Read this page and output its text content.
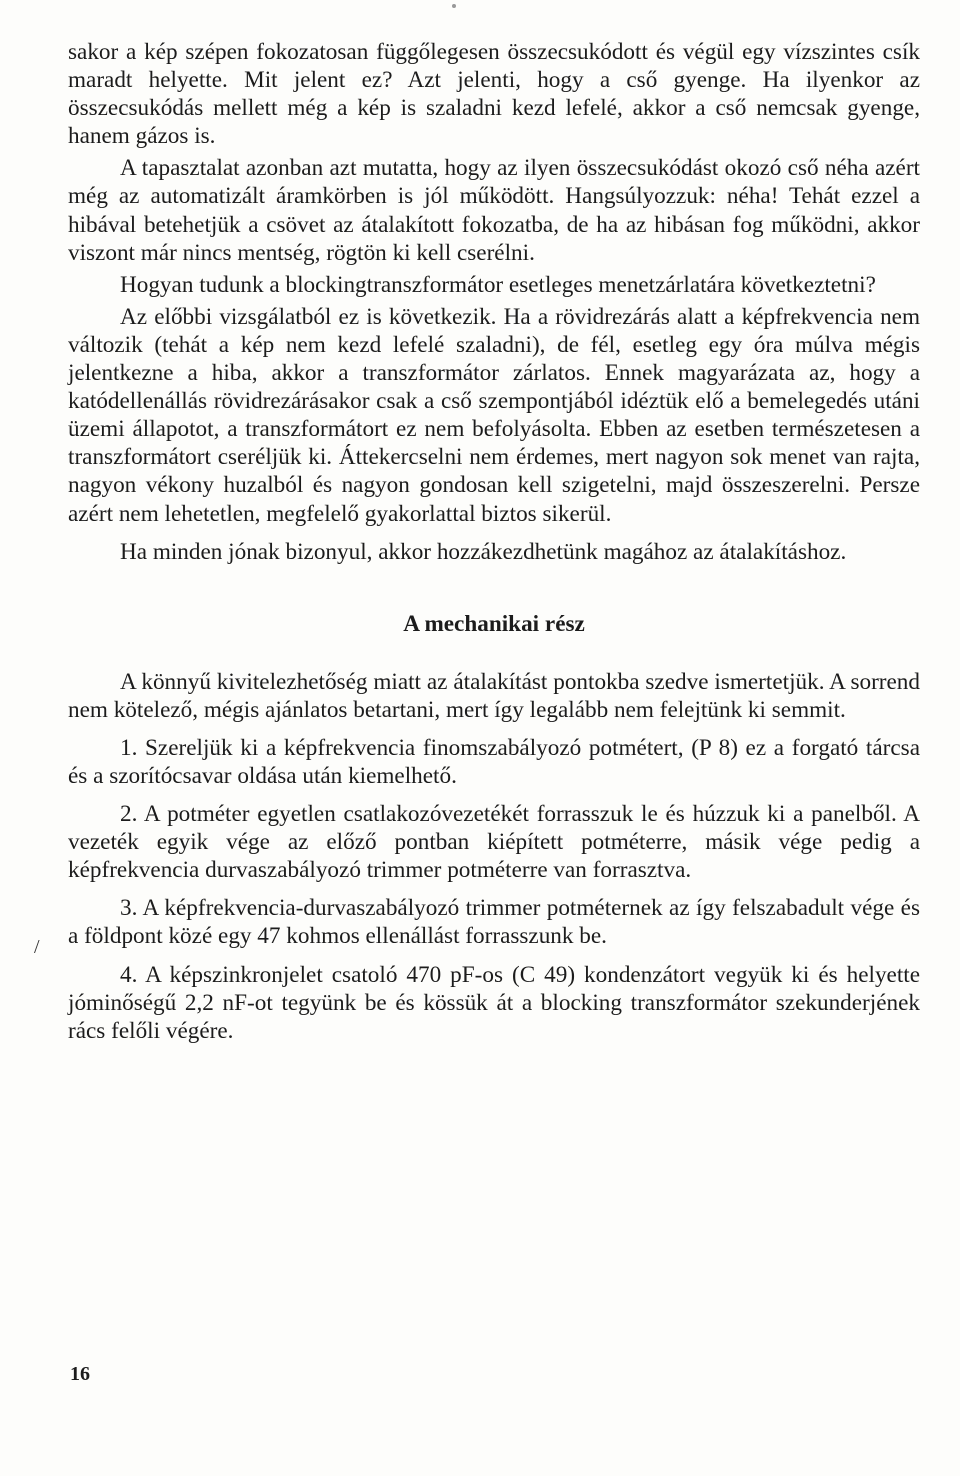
sakor a kép szépen fokozatosan függőlegesen összecsukódott és végül egy vízszintes csík maradt helyette. Mit jelent ez? Azt jelenti, hogy a cső gyenge. Ha ilyenkor az összecsukódás mellett még a kép is szaladni kezd lefelé, akkor a cső nemcsak gyenge, hanem gázos is.

A tapasztalat azonban azt mutatta, hogy az ilyen összecsukódást okozó cső néha azért még az automatizált áramkörben is jól működött. Hangsúlyozzuk: néha! Tehát ezzel a hibával betehetjük a csövet az átalakított fokozatba, de ha az hibásan fog működni, akkor viszont már nincs mentség, rögtön ki kell cserélni.

Hogyan tudunk a blockingtranszformátor esetleges menetzárlatára következtetni?

Az előbbi vizsgálatból ez is következik. Ha a rövidrezárás alatt a képfrekvencia nem változik (tehát a kép nem kezd lefelé szaladni), de fél, esetleg egy óra múlva mégis jelentkezne a hiba, akkor a transzformátor zárlatos. Ennek magyarázata az, hogy a katódellenállás rövidrezárásakor csak a cső szempontjából idéztük elő a bemelegedés utáni üzemi állapotot, a transzformátort ez nem befolyásolta. Ebben az esetben természetesen a transzformátort cseréljük ki. Áttekercselni nem érdemes, mert nagyon sok menet van rajta, nagyon vékony huzalból és nagyon gondosan kell szigetelni, majd összeszerelni. Persze azért nem lehetetlen, megfelelő gyakorlattal biztos sikerül.

Ha minden jónak bizonyul, akkor hozzákezdhetünk magához az átalakításhoz.

A mechanikai rész

A könnyű kivitelezhetőség miatt az átalakítást pontokba szedve ismertetjük. A sorrend nem kötelező, mégis ajánlatos betartani, mert így legalább nem felejtünk ki semmit.

1. Szereljük ki a képfrekvencia finomszabályozó potmétert, (P 8) ez a forgató tárcsa és a szorítócsavar oldása után kiemelhető.

2. A potméter egyetlen csatlakozóvezetékét forrasszuk le és húzzuk ki a panelből. A vezeték egyik vége az előző pontban kiépített potméterre, másik vége pedig a képfrekvencia durvaszabályozó trimmer potméterre van forrasztva.

3. A képfrekvencia-durvaszabályozó trimmer potméternek az így felszabadult vége és a földpont közé egy 47 kohmos ellenállást forrasszunk be.

4. A képszinkronjelet csatoló 470 pF-os (C 49) kondenzátort vegyük ki és helyette jóminőségű 2,2 nF-ot tegyünk be és kössük át a blocking transzformátor szekunderjének rács felőli végére.

/
16
